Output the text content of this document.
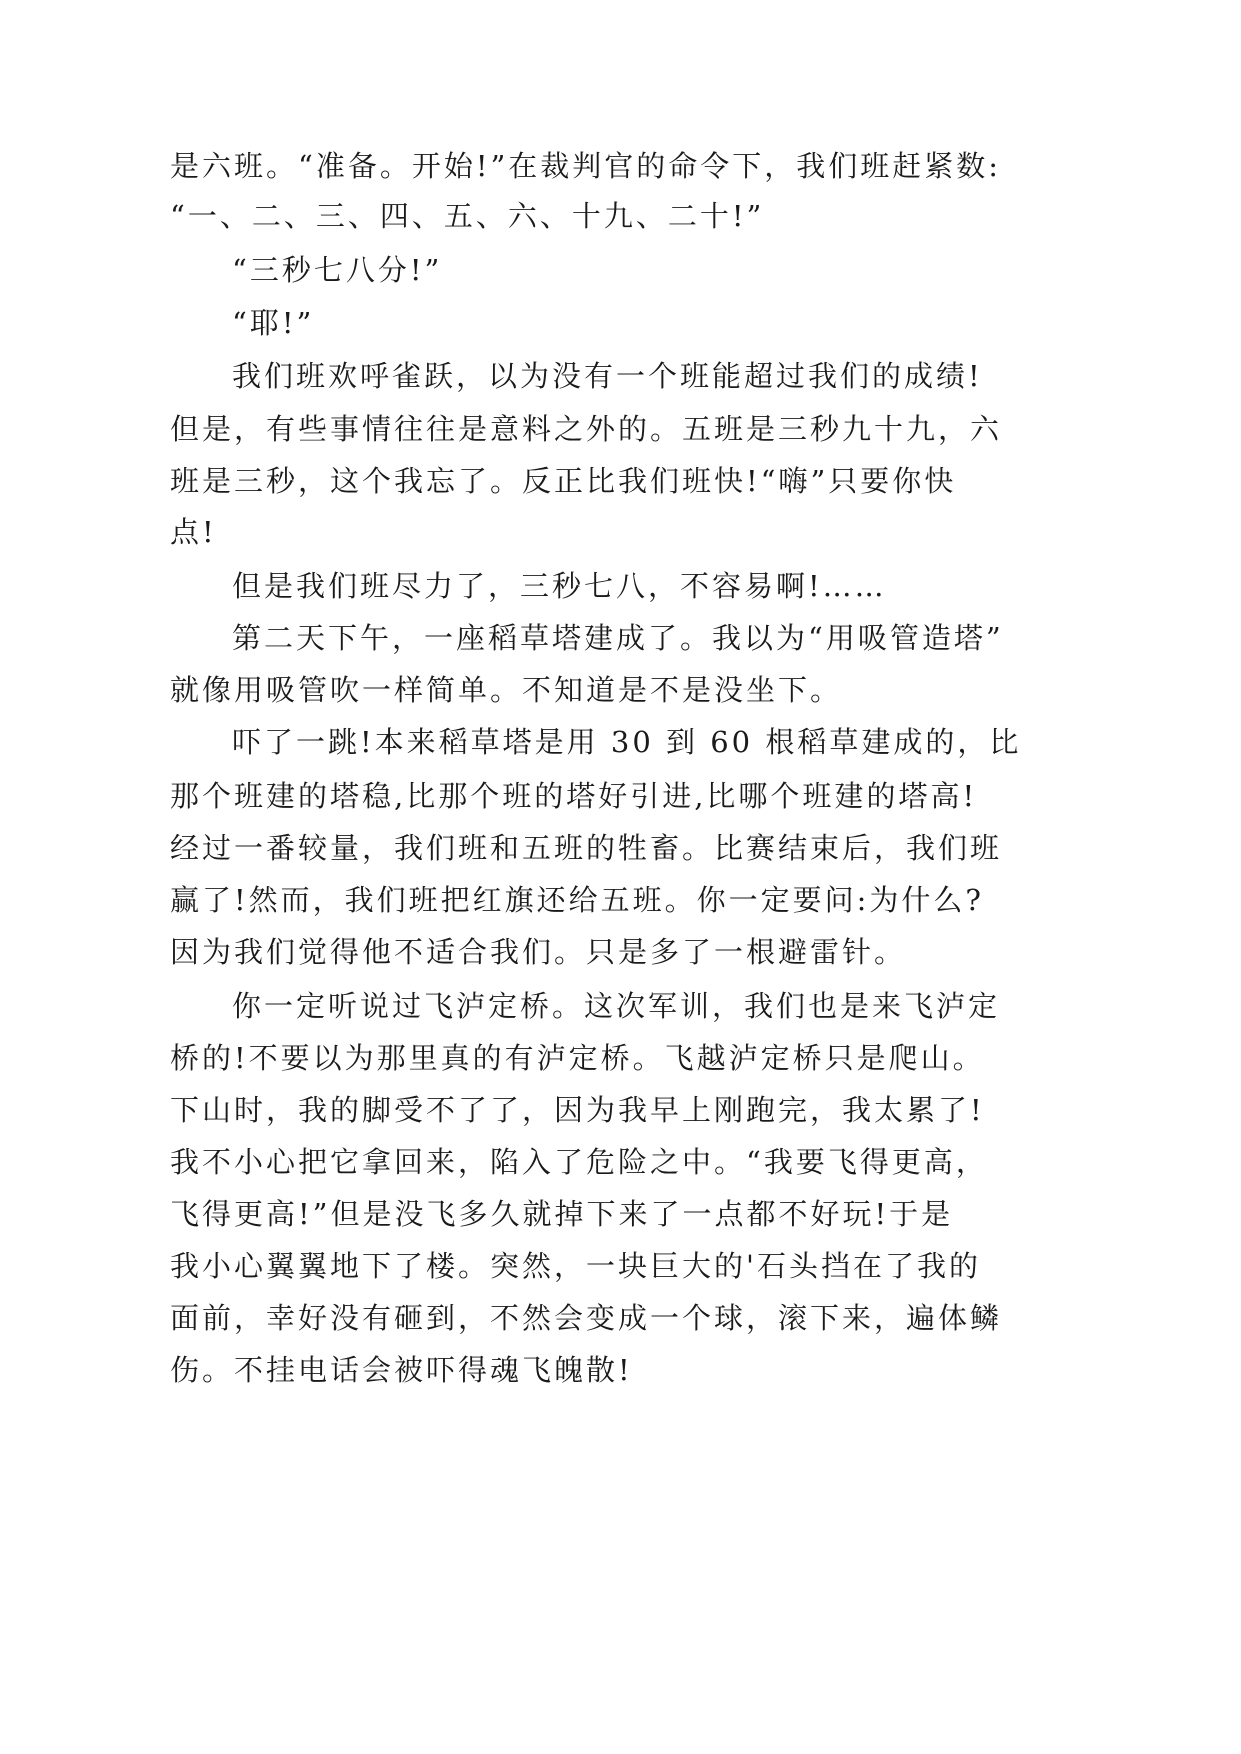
是六班。“准备。开始!”在裁判官的命令下，我们班赶紧数:
“一、二、三、四、五、六、十九、二十!”
“三秒七八分!”
“耶!”
我们班欢呼雀跃，以为没有一个班能超过我们的成绩!
但是，有些事情往往是意料之外的。五班是三秒九十九，六
班是三秒，这个我忘了。反正比我们班快!“嗨”只要你快
点!
但是我们班尽力了，三秒七八，不容易啊!……
第二天下午，一座稻草塔建成了。我以为“用吸管造塔”
就像用吸管吹一样简单。不知道是不是没坐下。
吓了一跳!本来稻草塔是用 30 到 60 根稻草建成的，比
那个班建的塔稳,比那个班的塔好引进,比哪个班建的塔高!
经过一番较量，我们班和五班的牲畜。比赛结束后，我们班
赢了!然而，我们班把红旗还给五班。你一定要问:为什么?
因为我们觉得他不适合我们。只是多了一根避雷针。
你一定听说过飞泸定桥。这次军训，我们也是来飞泸定
桥的!不要以为那里真的有泸定桥。飞越泸定桥只是爬山。
下山时，我的脚受不了了，因为我早上刚跑完，我太累了!
我不小心把它拿回来，陷入了危险之中。“我要飞得更高，
飞得更高!”但是没飞多久就掉下来了一点都不好玩!于是
我小心翼翼地下了楼。突然，一块巨大的'石头挡在了我的
面前，幸好没有砸到，不然会变成一个球，滚下来，遍体鳞
伤。不挂电话会被吓得魂飞魄散!
